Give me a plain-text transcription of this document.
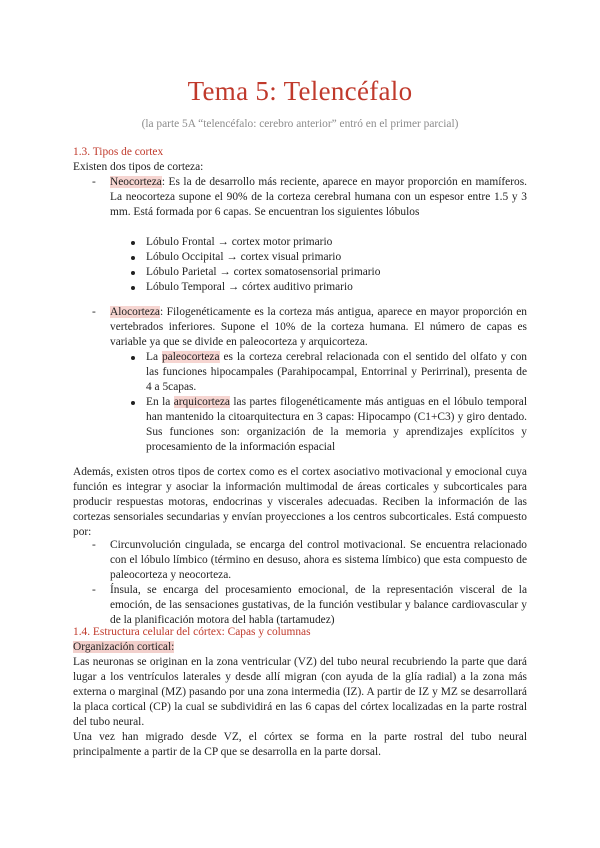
Tema 5: Telencéfalo
(la parte 5A “telencéfalo: cerebro anterior” entró en el primer parcial)
1.3. Tipos de cortex
Existen dos tipos de corteza:
- Neocorteza: Es la de desarrollo más reciente, aparece en mayor proporción en mamíferos. La neocorteza supone el 90% de la corteza cerebral humana con un espesor entre 1.5 y 3 mm. Está formada por 6 capas. Se encuentran los siguientes lóbulos
Lóbulo Frontal → cortex motor primario
Lóbulo Occipital → cortex visual primario
Lóbulo Parietal → cortex somatosensorial primario
Lóbulo Temporal → córtex auditivo primario
- Alocorteza: Filogenéticamente es la corteza más antigua, aparece en mayor proporción en vertebrados inferiores. Supone el 10% de la corteza humana. El número de capas es variable ya que se divide en paleocorteza y arquicorteza.
La paleocorteza es la corteza cerebral relacionada con el sentido del olfato y con las funciones hipocampales (Parahipocampal, Entorrinal y Perirrinal), presenta de 4 a 5capas.
En la arquicorteza las partes filogenéticamente más antiguas en el lóbulo temporal han mantenido la citoarquitectura en 3 capas: Hipocampo (C1+C3) y giro dentado. Sus funciones son: organización de la memoria y aprendizajes explícitos y procesamiento de la información espacial
Además, existen otros tipos de cortex como es el cortex asociativo motivacional y emocional cuya función es integrar y asociar la información multimodal de áreas corticales y subcorticales para producir respuestas motoras, endocrinas y viscerales adecuadas. Reciben la información de las cortezas sensoriales secundarias y envían proyecciones a los centros subcorticales. Está compuesto por:
- Circunvolución cingulada, se encarga del control motivacional. Se encuentra relacionado con el lóbulo límbico (término en desuso, ahora es sistema límbico) que esta compuesto de paleocorteza y neocorteza.
- Ínsula, se encarga del procesamiento emocional, de la representación visceral de la emoción, de las sensaciones gustativas, de la función vestibular y balance cardiovascular y de la planificación motora del habla (tartamudez)
1.4. Estructura celular del córtex: Capas y columnas
Organización cortical:
Las neuronas se originan en la zona ventricular (VZ) del tubo neural recubriendo la parte que dará lugar a los ventrículos laterales y desde allí migran (con ayuda de la glía radial) a la zona más externa o marginal (MZ) pasando por una zona intermedia (IZ). A partir de IZ y MZ se desarrollará la placa cortical (CP) la cual se subdividirá en las 6 capas del córtex localizadas en la parte rostral del tubo neural.
Una vez han migrado desde VZ, el córtex se forma en la parte rostral del tubo neural principalmente a partir de la CP que se desarrolla en la parte dorsal.
